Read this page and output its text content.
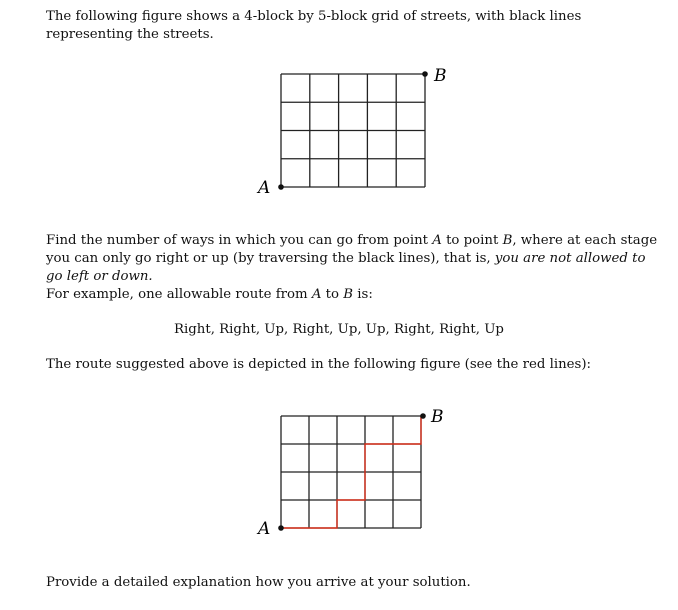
The following figure shows a 4-block by 5-block grid of streets, with black lines representing the streets.

A
B

Find the number of ways in which you can go from point A to point B, where at each stage you can only go right or up (by traversing the black lines), that is, you are not allowed to go left or down.
For example, one allowable route from A to B is:

Right, Right, Up, Right, Up, Up, Right, Right, Up

The route suggested above is depicted in the following figure (see the red lines):

A
B

Provide a detailed explanation how you arrive at your solution.
